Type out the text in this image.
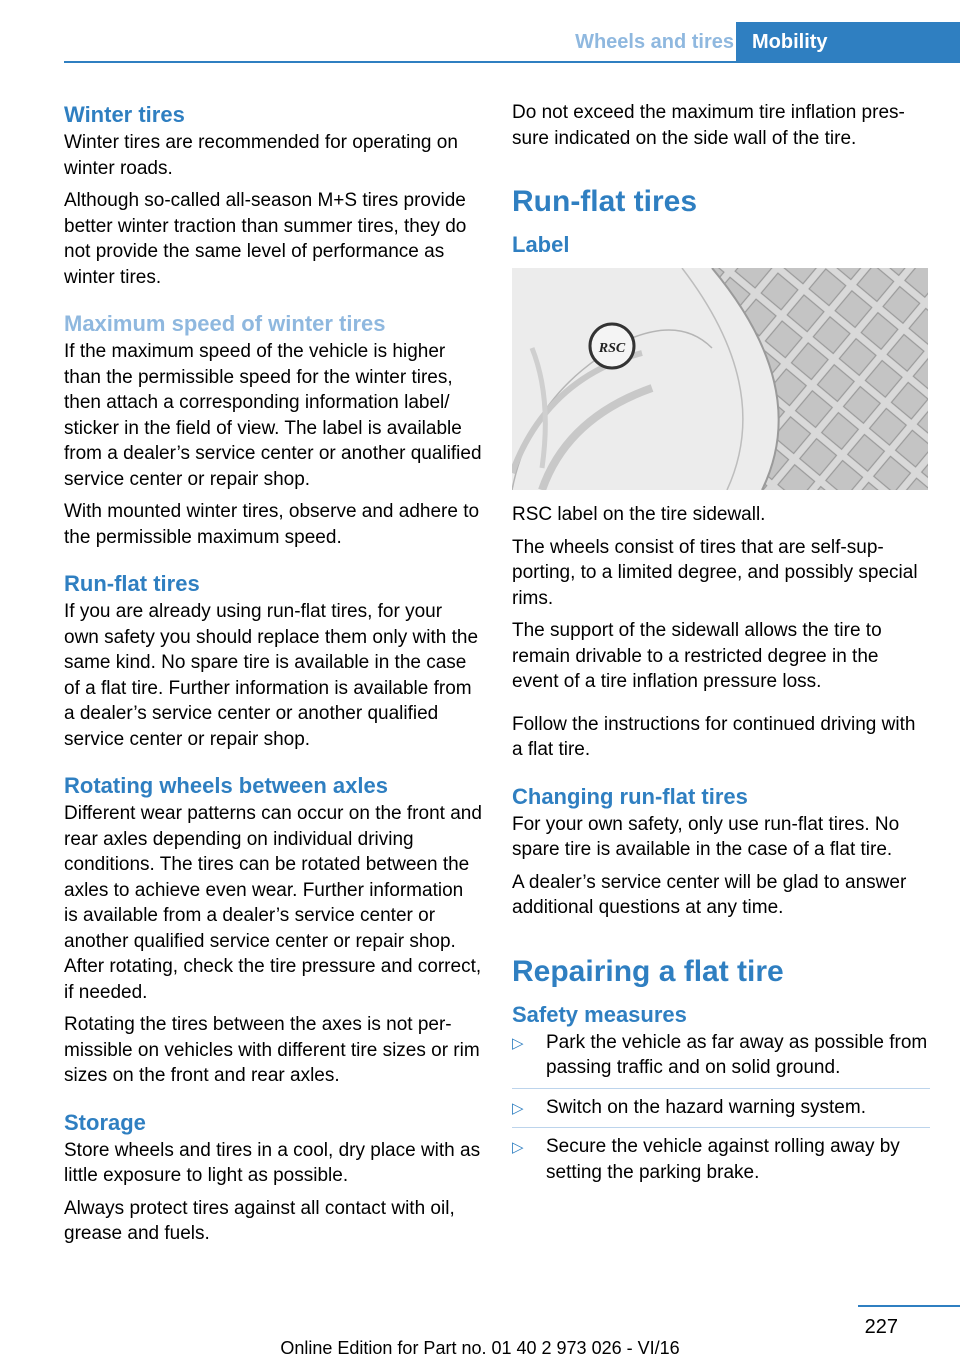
Wheels and tires Mobility
Winter tires

Winter tires are recommended for operating on winter roads.

Although so-called all-season M+S tires provide better winter traction than summer tires, they do not provide the same level of performance as winter tires.

Maximum speed of winter tires

If the maximum speed of the vehicle is higher than the permissible speed for the winter tires, then attach a corresponding information label/ sticker in the field of view. The label is available from a dealer’s service center or another qualified service center or repair shop.

With mounted winter tires, observe and adhere to the permissible maximum speed.

Run-flat tires

If you are already using run-flat tires, for your own safety you should replace them only with the same kind. No spare tire is available in the case of a flat tire. Further information is available from a dealer’s service center or another qualified service center or repair shop.

Rotating wheels between axles

Different wear patterns can occur on the front and rear axles depending on individual driving conditions. The tires can be rotated between the axles to achieve even wear. Further information is available from a dealer’s service center or another qualified service center or repair shop. After rotating, check the tire pressure and correct, if needed.

Rotating the tires between the axes is not permissible on vehicles with different tire sizes or rim sizes on the front and rear axles.

Storage

Store wheels and tires in a cool, dry place with as little exposure to light as possible.

Always protect tires against all contact with oil, grease and fuels.

Do not exceed the maximum tire inflation pressure indicated on the side wall of the tire.

Run-flat tires
Label
RSC

RSC label on the tire sidewall.

The wheels consist of tires that are self-supporting, to a limited degree, and possibly special rims.

The support of the sidewall allows the tire to remain drivable to a restricted degree in the event of a tire inflation pressure loss.

Follow the instructions for continued driving with a flat tire.

Changing run-flat tires

For your own safety, only use run-flat tires. No spare tire is available in the case of a flat tire.

A dealer’s service center will be glad to answer additional questions at any time.

Repairing a flat tire
Safety measures
▷ Park the vehicle as far away as possible from passing traffic and on solid ground.
▷ Switch on the hazard warning system.
▷ Secure the vehicle against rolling away by setting the parking brake.
227
Online Edition for Part no. 01 40 2 973 026 - VI/16
